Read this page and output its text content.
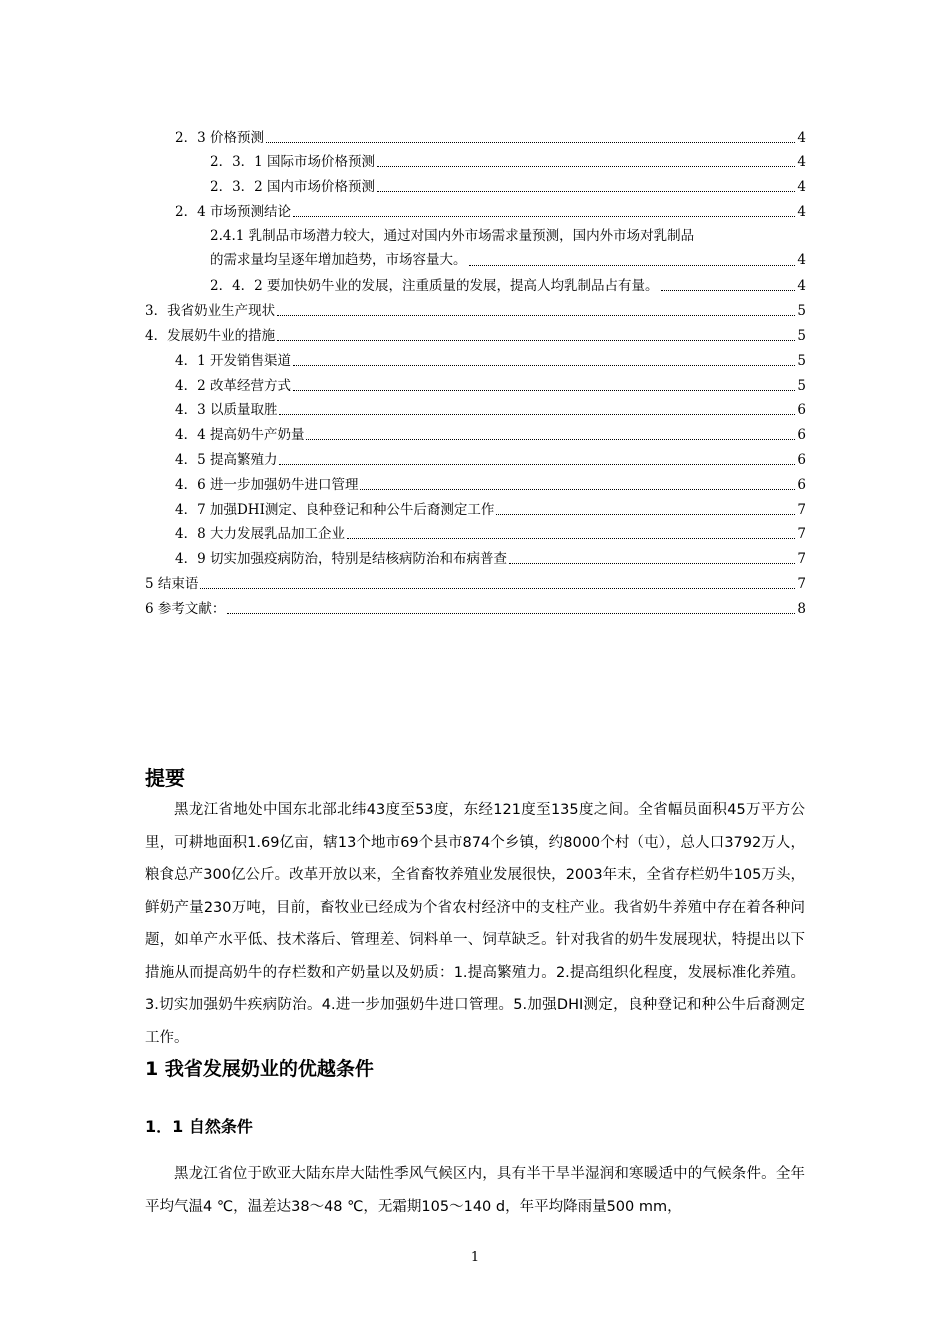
2．3 价格预测	4
2．3．1 国际市场价格预测	4
2．3．2 国内市场价格预测	4
2．4 市场预测结论	4
2.4.1 乳制品市场潜力较大，通过对国内外市场需求量预测，国内外市场对乳制品
的需求量均呈逐年增加趋势，市场容量大。	4
2．4．2 要加快奶牛业的发展，注重质量的发展，提高人均乳制品占有量。	4
3．我省奶业生产现状	5
4．发展奶牛业的措施	5
4．1 开发销售渠道	5
4．2 改革经营方式	5
4．3 以质量取胜	6
4．4 提高奶牛产奶量	6
4．5 提高繁殖力	6
4．6 进一步加强奶牛进口管理	6
4．7 加强DHI测定、良种登记和种公牛后裔测定工作	7
4．8 大力发展乳品加工企业	7
4．9 切实加强疫病防治，特别是结核病防治和布病普查	7
5 结束语	7
6 参考文献：	8
提要

黑龙江省地处中国东北部北纬43度至53度，东经121度至135度之间。全省幅员面积45万平方公里，可耕地面积1.69亿亩，辖13个地市69个县市874个乡镇，约8000个村（屯），总人口3792万人，粮食总产300亿公斤。改革开放以来，全省畜牧养殖业发展很快，2003年末，全省存栏奶牛105万头，鲜奶产量230万吨，目前，畜牧业已经成为个省农村经济中的支柱产业。我省奶牛养殖中存在着各种问题，如单产水平低、技术落后、管理差、饲料单一、饲草缺乏。针对我省的奶牛发展现状，特提出以下措施从而提高奶牛的存栏数和产奶量以及奶质：1.提高繁殖力。2.提高组织化程度，发展标准化养殖。3.切实加强奶牛疾病防治。4.进一步加强奶牛进口管理。5.加强DHI测定，良种登记和种公牛后裔测定工作。

1 我省发展奶业的优越条件
1．1 自然条件

黑龙江省位于欧亚大陆东岸大陆性季风气候区内，具有半干旱半湿润和寒暖适中的气候条件。全年平均气温4 ℃，温差达38～48 ℃，无霜期105～140 d，年平均降雨量500 mm，

1
